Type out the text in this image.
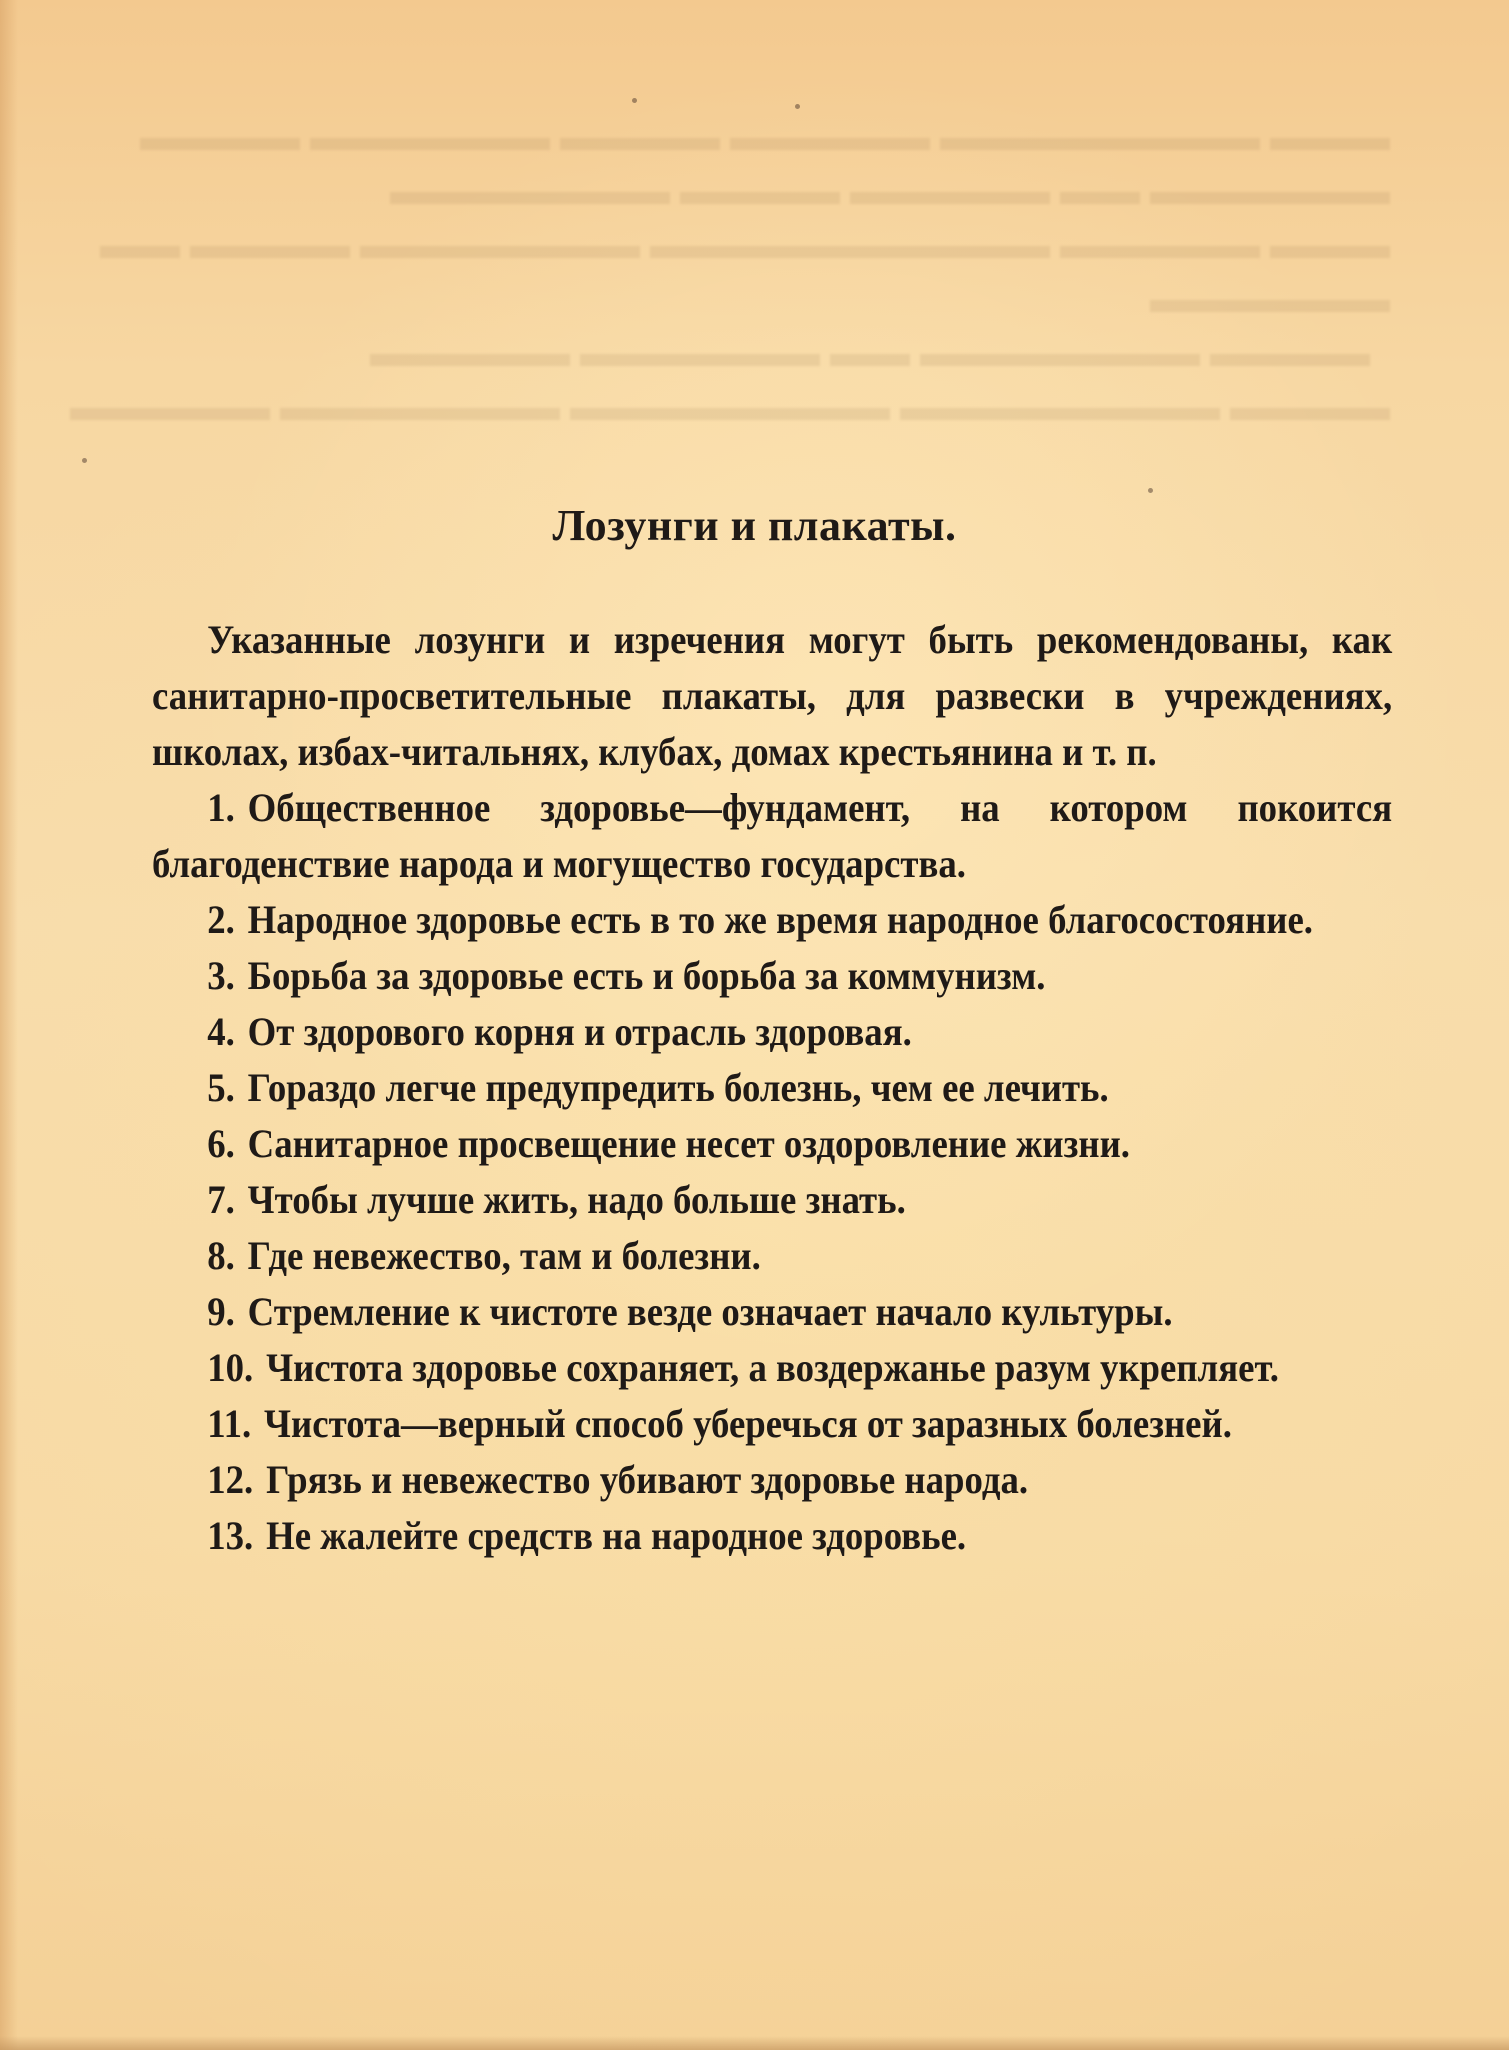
▬▬▬ ▬▬▬▬▬▬▬▬ ▬▬▬▬▬ ▬▬▬▬ ▬▬▬▬▬▬ ▬▬▬▬
▬▬▬▬▬▬ ▬▬ ▬▬▬▬▬ ▬▬▬▬ ▬▬▬▬▬▬▬
▬▬▬ ▬▬▬▬▬ ▬▬▬▬▬▬▬▬▬▬ ▬▬▬▬▬▬▬ ▬▬▬▬ ▬▬
▬▬▬▬▬▬
▬▬▬▬ ▬▬▬▬▬▬▬ ▬▬ ▬▬▬▬▬▬ ▬▬▬▬▬
▬▬▬▬ ▬▬▬▬▬▬▬▬ ▬▬▬▬▬▬▬▬ ▬▬▬▬▬▬▬ ▬▬▬▬▬
Лозунги и плакаты.

Указанные лозунги и изречения могут быть рекомендованы, как санитарно-просветительные плакаты, для развески в учреждениях, школах, избах-читальнях, клубах, домах крестьянина и т. п.

1. Общественное здоровье—фундамент, на котором покоится благоденствие народа и могущество государства.

2. Народное здоровье есть в то же время народное благосостояние.

3. Борьба за здоровье есть и борьба за коммунизм.

4. От здорового корня и отрасль здоровая.

5. Гораздо легче предупредить болезнь, чем ее лечить.

6. Санитарное просвещение несет оздоровление жизни.

7. Чтобы лучше жить, надо больше знать.

8. Где невежество, там и болезни.

9. Стремление к чистоте везде означает начало культуры.

10. Чистота здоровье сохраняет, а воздержанье разум укрепляет.

11. Чистота—верный способ уберечься от заразных болезней.

12. Грязь и невежество убивают здоровье народа.

13. Не жалейте средств на народное здоровье.
